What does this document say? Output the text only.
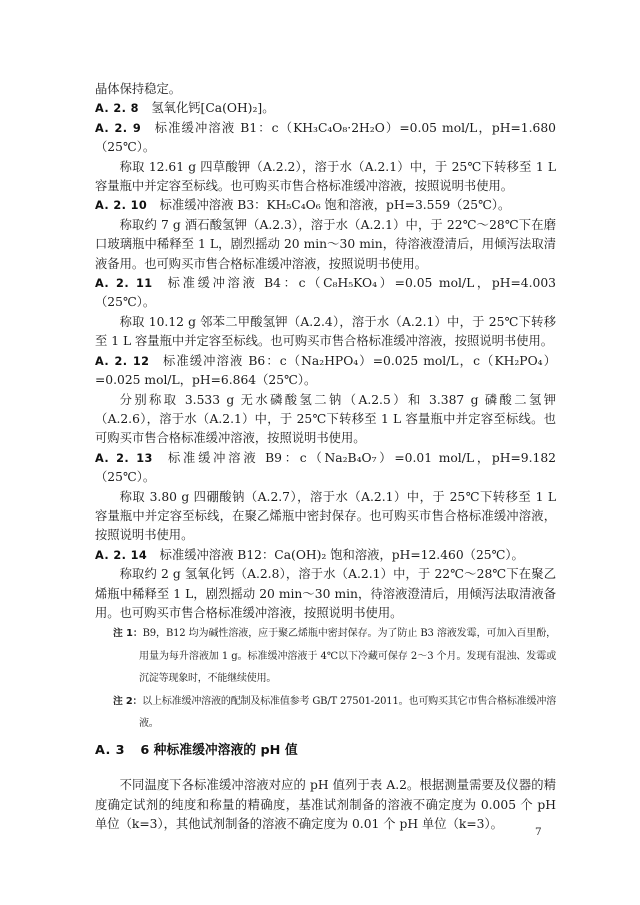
晶体保持稳定。

A. 2. 8 氢氧化钙[Ca(OH)₂]。

A. 2. 9 标准缓冲溶液 B1：c（KH₃C₄O₈·2H₂O）=0.05 mol/L，pH=1.680（25℃）。

称取 12.61 g 四草酸钾（A.2.2），溶于水（A.2.1）中，于 25℃下转移至 1 L 容量瓶中并定容至标线。也可购买市售合格标准缓冲溶液，按照说明书使用。

A. 2. 10 标准缓冲溶液 B3：KH₅C₄O₆ 饱和溶液，pH=3.559（25℃）。

称取约 7 g 酒石酸氢钾（A.2.3），溶于水（A.2.1）中，于 22℃～28℃下在磨口玻璃瓶中稀释至 1 L，剧烈摇动 20 min～30 min，待溶液澄清后，用倾泻法取清液备用。也可购买市售合格标准缓冲溶液，按照说明书使用。

A. 2. 11 标准缓冲溶液 B4：c（C₈H₅KO₄）=0.05 mol/L，pH=4.003（25℃）。

称取 10.12 g 邻苯二甲酸氢钾（A.2.4），溶于水（A.2.1）中，于 25℃下转移至 1 L 容量瓶中并定容至标线。也可购买市售合格标准缓冲溶液，按照说明书使用。

A. 2. 12 标准缓冲溶液 B6：c（Na₂HPO₄）=0.025 mol/L，c（KH₂PO₄）=0.025 mol/L，pH=6.864（25℃）。

分别称取 3.533 g 无水磷酸氢二钠（A.2.5）和 3.387 g 磷酸二氢钾（A.2.6），溶于水（A.2.1）中，于 25℃下转移至 1 L 容量瓶中并定容至标线。也可购买市售合格标准缓冲溶液，按照说明书使用。

A. 2. 13 标准缓冲溶液 B9：c（Na₂B₄O₇）=0.01 mol/L，pH=9.182（25℃）。

称取 3.80 g 四硼酸钠（A.2.7），溶于水（A.2.1）中，于 25℃下转移至 1 L 容量瓶中并定容至标线，在聚乙烯瓶中密封保存。也可购买市售合格标准缓冲溶液，按照说明书使用。

A. 2. 14 标准缓冲溶液 B12：Ca(OH)₂ 饱和溶液，pH=12.460（25℃）。

称取约 2 g 氢氧化钙（A.2.8），溶于水（A.2.1）中，于 22℃～28℃下在聚乙烯瓶中稀释至 1 L，剧烈摇动 20 min～30 min，待溶液澄清后，用倾泻法取清液备用。也可购买市售合格标准缓冲溶液，按照说明书使用。

注 1：B9，B12 均为碱性溶液，应于聚乙烯瓶中密封保存。为了防止 B3 溶液发霉，可加入百里酚，用量为每升溶液加 1 g。标准缓冲溶液于 4℃以下冷藏可保存 2～3 个月。发现有混浊、发霉或沉淀等现象时，不能继续使用。
注 2：以上标准缓冲溶液的配制及标准值参考 GB/T 27501-2011。也可购买其它市售合格标准缓冲溶液。
A. 3 6 种标准缓冲溶液的 pH 值

不同温度下各标准缓冲溶液对应的 pH 值列于表 A.2。根据测量需要及仪器的精度确定试剂的纯度和称量的精确度，基准试剂制备的溶液不确定度为 0.005 个 pH 单位（k=3），其他试剂制备的溶液不确定度为 0.01 个 pH 单位（k=3）。

7
